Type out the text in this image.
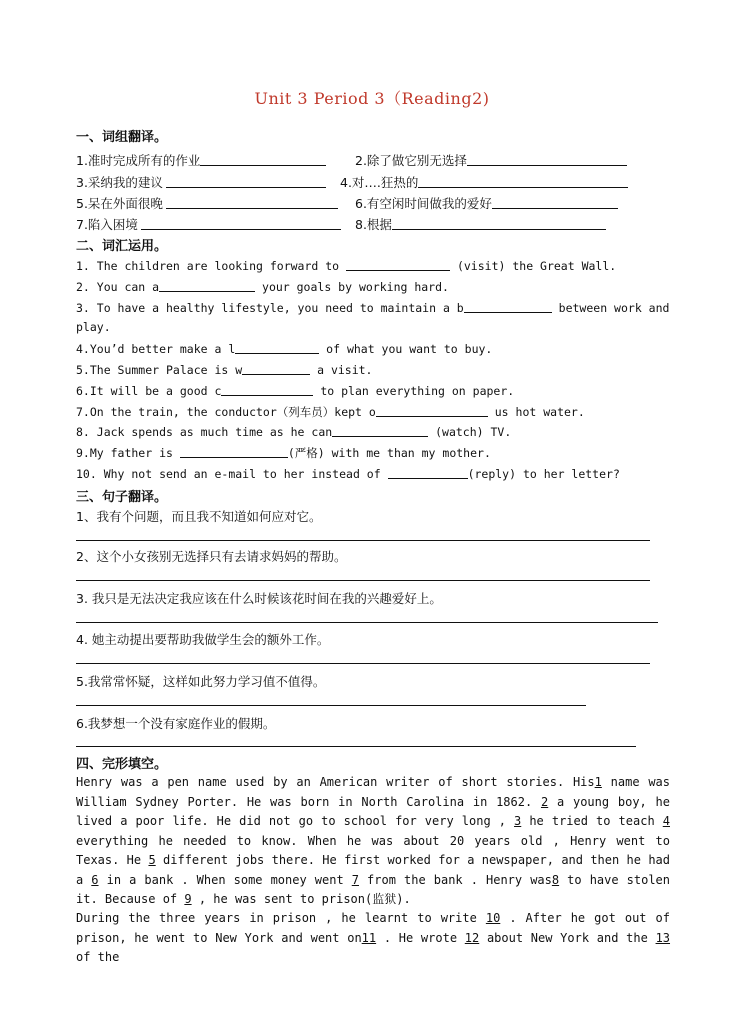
Unit 3 Period 3（Reading2)
一、词组翻译。
1.准时完成所有的作业	2.除了做它别无选择
3.采纳我的建议	4.对….狂热的
5.呆在外面很晚	6.有空闲时间做我的爱好
7.陷入困境	8.根据
二、词汇运用。
1. The children are looking forward to	(visit) the Great Wall.
2. You can a	your goals by working hard.
3. To have a healthy lifestyle, you need to maintain a b	between work and
play.
4.You’d better make a l	of what you want to buy.
5.The Summer Palace is w	a visit.
6.It will be a good c	to plan everything on paper.
7.On the train, the conductor（列车员）kept o	us hot water.
8. Jack spends as much time as he can	(watch) TV.
9.My father is	(严格) with me than my mother.
10. Why not send an e-mail to her instead of	(reply) to her letter?
三、句子翻译。
1、我有个问题，而且我不知道如何应对它。
2、这个小女孩别无选择只有去请求妈妈的帮助。
3. 我只是无法决定我应该在什么时候该花时间在我的兴趣爱好上。
4. 她主动提出要帮助我做学生会的额外工作。
5.我常常怀疑，这样如此努力学习值不值得。
6.我梦想一个没有家庭作业的假期。
四、完形填空。
Henry was a pen name used by an American writer of short stories. His1 name was William Sydney Porter. He was born in North Carolina in 1862. 2 a young boy, he lived a poor life. He did not go to school for very long , 3 he tried to teach 4 everything he needed to know. When he was about 20 years old , Henry went to Texas. He 5 different jobs there. He first worked for a newspaper, and then he had a 6 in a bank . When some money went 7 from the bank . Henry was8 to have stolen it. Because of 9 , he was sent to prison(监狱).
During the three years in prison , he learnt to write 10 . After he got out of prison, he went to New York and went on11 . He wrote 12 about New York and the 13 of the
